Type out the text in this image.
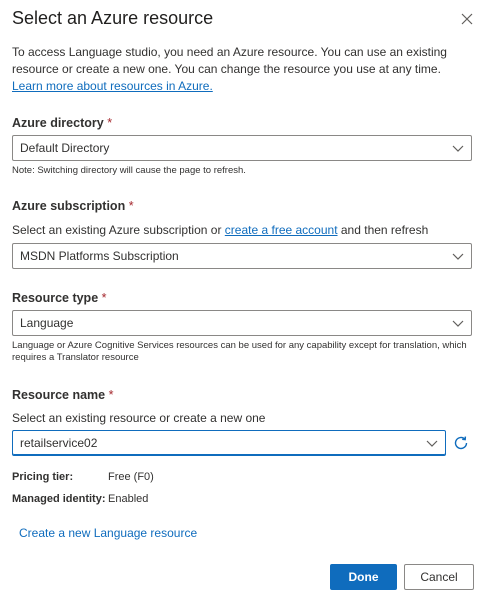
Select an Azure resource
To access Language studio, you need an Azure resource. You can use an existing resource or create a new one. You can change the resource you use at any time. Learn more about resources in Azure.
Azure directory *
Default Directory
Note: Switching directory will cause the page to refresh.
Azure subscription *
Select an existing Azure subscription or create a free account and then refresh
MSDN Platforms Subscription
Resource type *
Language
Language or Azure Cognitive Services resources can be used for any capability except for translation, which requires a Translator resource
Resource name *
Select an existing resource or create a new one
retailservice02
Pricing tier:	Free (F0)
Managed identity: Enabled
Create a new Language resource
Done	Cancel
